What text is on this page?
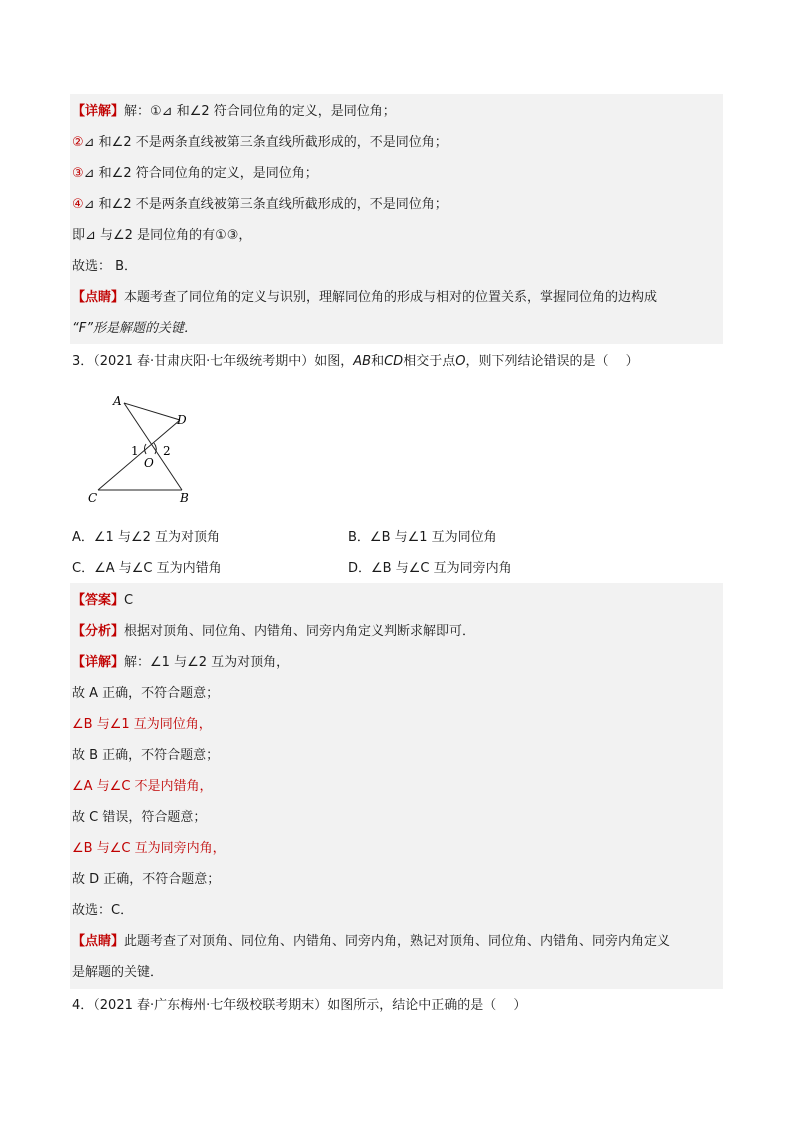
【详解】解：①⊿ 和∠2 符合同位角的定义，是同位角；
②⊿ 和∠2 不是两条直线被第三条直线所截形成的，不是同位角；
③⊿ 和∠2 符合同位角的定义，是同位角；
④⊿ 和∠2 不是两条直线被第三条直线所截形成的，不是同位角；
即⊿ 与∠2 是同位角的有①③，
故选： B．
【点睛】本题考查了同位角的定义与识别，理解同位角的形成与相对的位置关系，掌握同位角的边构成
“F”形是解题的关键．
3．（2021 春·甘肃庆阳·七年级统考期中）如图，AB和CD相交于点O，则下列结论错误的是（　 ）
A
D
1 2
O
C	B
A．∠1 与∠2 互为对顶角	B．∠B 与∠1 互为同位角
C．∠A 与∠C 互为内错角	D．∠B 与∠C 互为同旁内角
【答案】C
【分析】根据对顶角、同位角、内错角、同旁内角定义判断求解即可．
【详解】解：∠1 与∠2 互为对顶角，
故 A 正确，不符合题意；
∠B 与∠1 互为同位角，
故 B 正确，不符合题意；
∠A 与∠C 不是内错角，
故 C 错误，符合题意；
∠B 与∠C 互为同旁内角，
故 D 正确，不符合题意；
故选：C．
【点睛】此题考查了对顶角、同位角、内错角、同旁内角，熟记对顶角、同位角、内错角、同旁内角定义
是解题的关键．
4．（2021 春·广东梅州·七年级校联考期末）如图所示，结论中正确的是（　 ）
